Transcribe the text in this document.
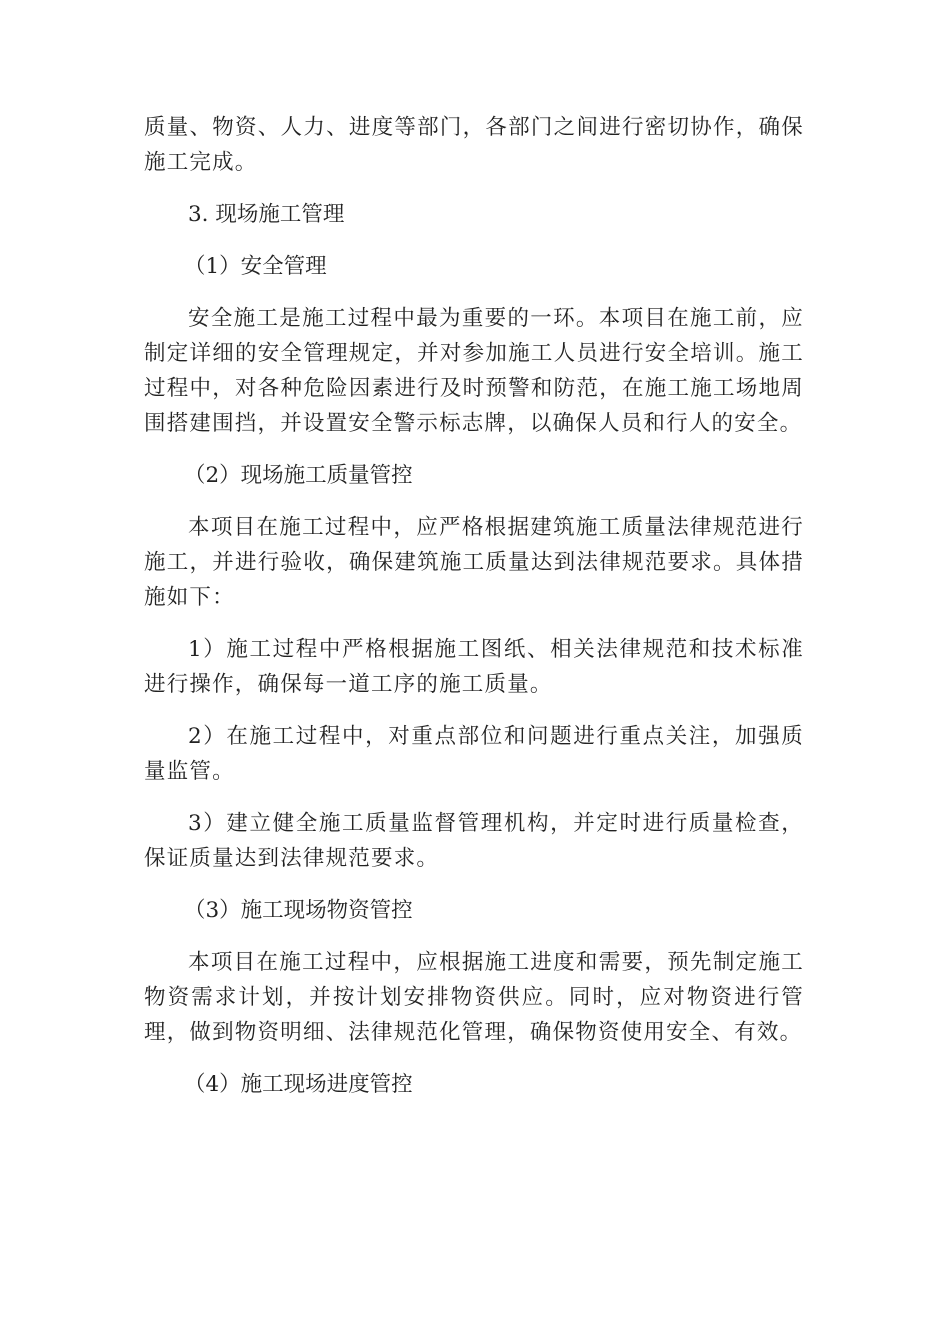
质量、物资、人力、进度等部门，各部门之间进行密切协作，确保施工完成。

3. 现场施工管理

（1）安全管理

安全施工是施工过程中最为重要的一环。本项目在施工前，应制定详细的安全管理规定，并对参加施工人员进行安全培训。施工过程中，对各种危险因素进行及时预警和防范，在施工施工场地周围搭建围挡，并设置安全警示标志牌，以确保人员和行人的安全。

（2）现场施工质量管控

本项目在施工过程中，应严格根据建筑施工质量法律规范进行施工，并进行验收，确保建筑施工质量达到法律规范要求。具体措施如下：

1）施工过程中严格根据施工图纸、相关法律规范和技术标准进行操作，确保每一道工序的施工质量。

2）在施工过程中，对重点部位和问题进行重点关注，加强质量监管。

3）建立健全施工质量监督管理机构，并定时进行质量检查，保证质量达到法律规范要求。

（3）施工现场物资管控

本项目在施工过程中，应根据施工进度和需要，预先制定施工物资需求计划，并按计划安排物资供应。同时，应对物资进行管理，做到物资明细、法律规范化管理，确保物资使用安全、有效。

（4）施工现场进度管控
